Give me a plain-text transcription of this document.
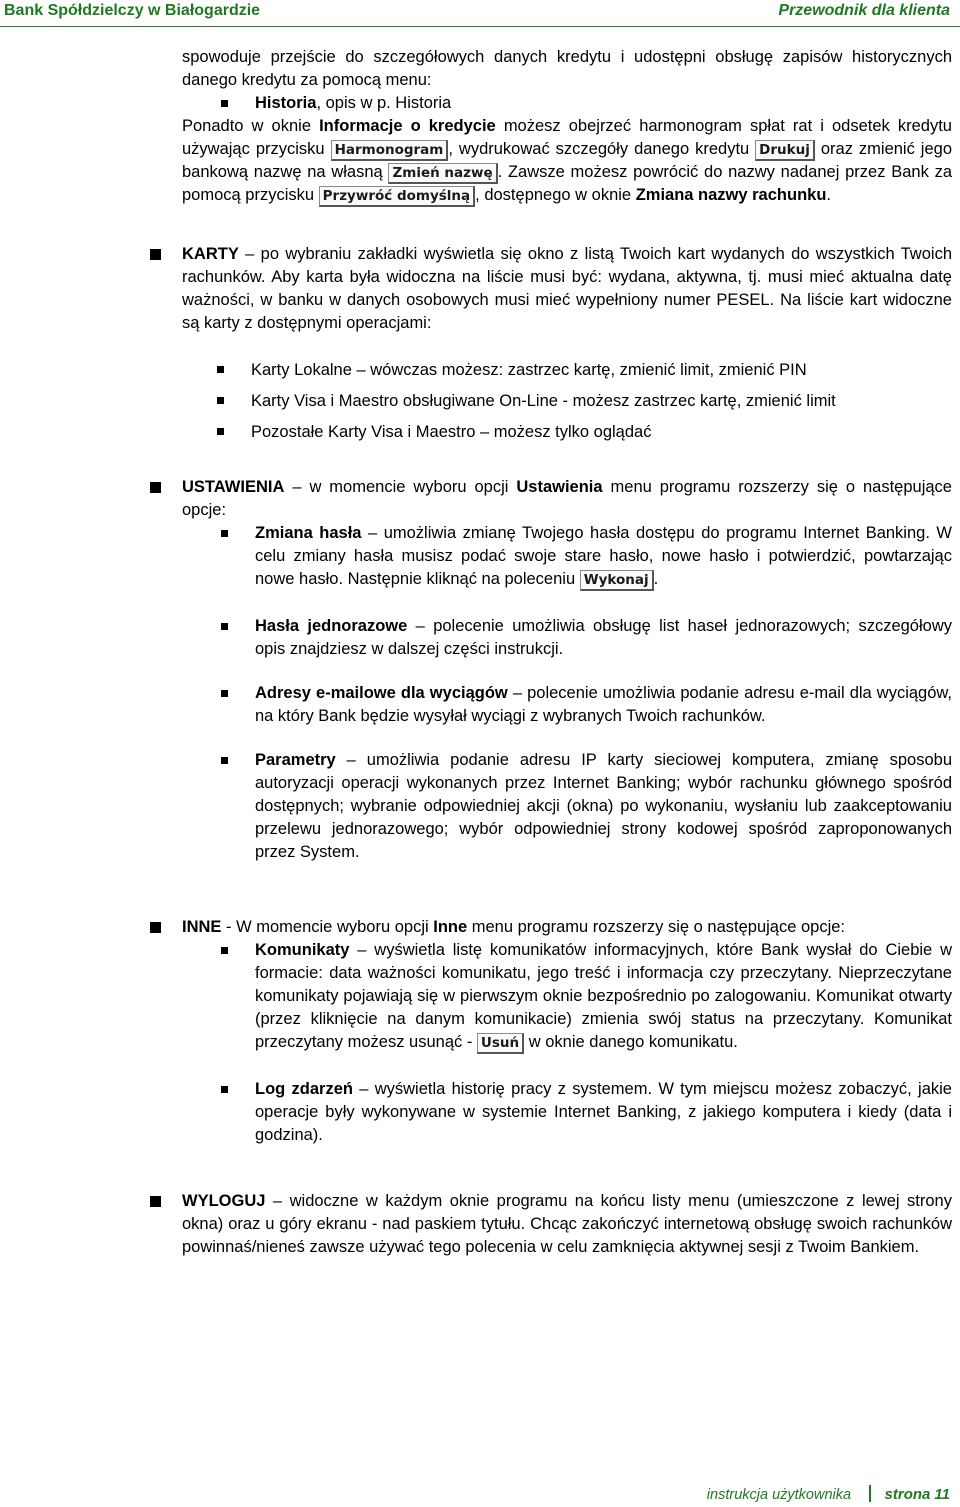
Bank Spółdzielczy w Białogardzie	Przewodnik dla klienta

spowoduje przejście do szczegółowych danych kredytu i udostępni obsługę zapisów historycznych danego kredytu za pomocą menu:

Historia, opis w p. Historia

Ponadto w oknie Informacje o kredycie możesz obejrzeć harmonogram spłat rat i odsetek kredytu używając przycisku Harmonogram , wydrukować szczegóły danego kredytu Drukuj oraz zmienić jego bankową nazwę na własną Zmień nazwę . Zawsze możesz powrócić do nazwy nadanej przez Bank za pomocą przycisku Przywróć domyślną , dostępnego w oknie Zmiana nazwy rachunku.

KARTY – po wybraniu zakładki wyświetla się okno z listą Twoich kart wydanych do wszystkich Twoich rachunków. Aby karta była widoczna na liście musi być: wydana, aktywna, tj. musi mieć aktualna datę ważności, w banku w danych osobowych musi mieć wypełniony numer PESEL. Na liście kart widoczne są karty z dostępnymi operacjami:

Karty Lokalne – wówczas możesz: zastrzec kartę, zmienić limit, zmienić PIN
Karty Visa i Maestro obsługiwane On-Line - możesz zastrzec kartę, zmienić limit
Pozostałe Karty Visa i Maestro – możesz tylko oglądać

USTAWIENIA – w momencie wyboru opcji Ustawienia menu programu rozszerzy się o następujące opcje:

Zmiana hasła – umożliwia zmianę Twojego hasła dostępu do programu Internet Banking. W celu zmiany hasła musisz podać swoje stare hasło, nowe hasło i potwierdzić, powtarzając nowe hasło. Następnie kliknąć na poleceniu Wykonaj .
Hasła jednorazowe – polecenie umożliwia obsługę list haseł jednorazowych; szczegółowy opis znajdziesz w dalszej części instrukcji.
Adresy e-mailowe dla wyciągów – polecenie umożliwia podanie adresu e-mail dla wyciągów, na który Bank będzie wysyłał wyciągi z wybranych Twoich rachunków.
Parametry – umożliwia podanie adresu IP karty sieciowej komputera, zmianę sposobu autoryzacji operacji wykonanych przez Internet Banking; wybór rachunku głównego spośród dostępnych; wybranie odpowiedniej akcji (okna) po wykonaniu, wysłaniu lub zaakceptowaniu przelewu jednorazowego; wybór odpowiedniej strony kodowej spośród zaproponowanych przez System.

INNE - W momencie wyboru opcji Inne menu programu rozszerzy się o następujące opcje:

Komunikaty – wyświetla listę komunikatów informacyjnych, które Bank wysłał do Ciebie w formacie: data ważności komunikatu, jego treść i informacja czy przeczytany. Nieprzeczytane komunikaty pojawiają się w pierwszym oknie bezpośrednio po zalogowaniu. Komunikat otwarty (przez kliknięcie na danym komunikacie) zmienia swój status na przeczytany. Komunikat przeczytany możesz usunąć - Usuń w oknie danego komunikatu.
Log zdarzeń – wyświetla historię pracy z systemem. W tym miejscu możesz zobaczyć, jakie operacje były wykonywane w systemie Internet Banking, z jakiego komputera i kiedy (data i godzina).

WYLOGUJ – widoczne w każdym oknie programu na końcu listy menu (umieszczone z lewej strony okna) oraz u góry ekranu - nad paskiem tytułu. Chcąc zakończyć internetową obsługę swoich rachunków powinnaś/nieneś zawsze używać tego polecenia w celu zamknięcia aktywnej sesji z Twoim Bankiem.

instrukcja użytkownika strona 11
